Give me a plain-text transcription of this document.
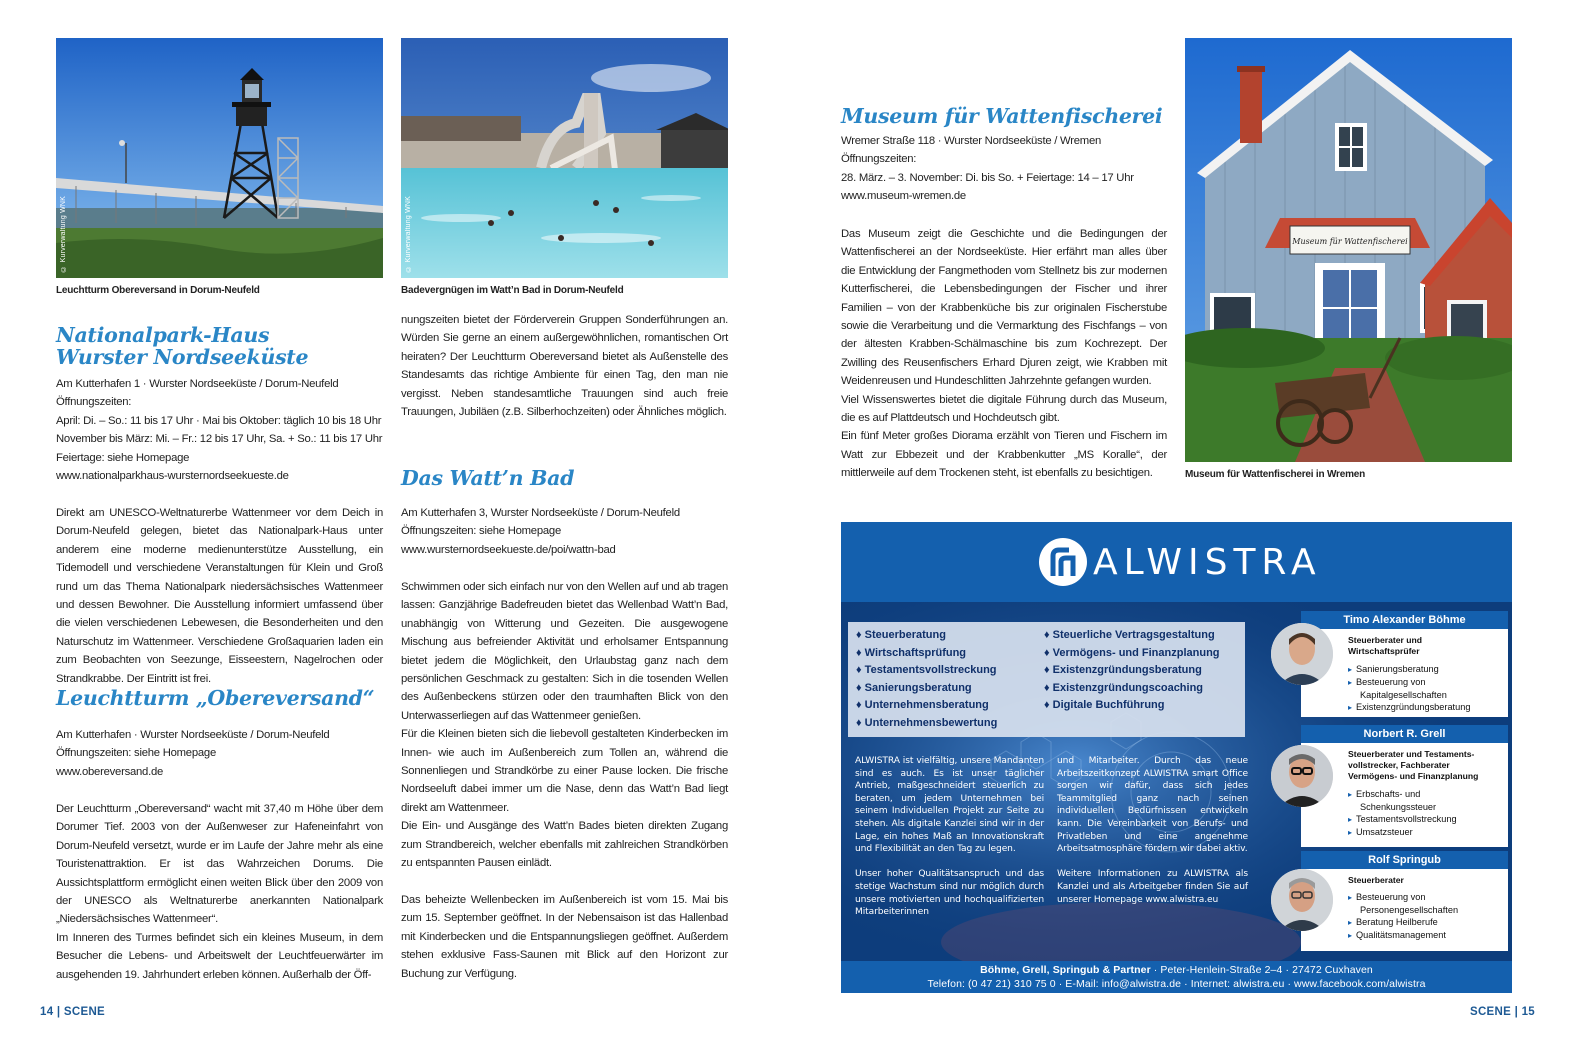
© Kurverwaltung WNK
Leuchtturm Obereversand in Dorum-Neufeld
© Kurverwaltung WNK
Badevergnügen im Watt’n Bad in Dorum-Neufeld
Nationalpark-Haus
Wurster Nordseeküste
Am Kutterhafen 1 · Wurster Nordseeküste / Dorum-Neufeld
Öffnungszeiten:
April: Di. – So.: 11 bis 17 Uhr · Mai bis Oktober: täglich 10 bis 18 Uhr
November bis März: Mi. – Fr.: 12 bis 17 Uhr, Sa. + So.: 11 bis 17 Uhr
Feiertage: siehe Homepage
www.nationalparkhaus-wursternordseekueste.de

Direkt am UNESCO-Weltnaturerbe Wattenmeer vor dem Deich in Dorum-Neufeld gelegen, bietet das Nationalpark-Haus unter anderem eine moderne medienunterstütze Ausstellung, ein Tidemodell und verschiedene Veranstaltungen für Klein und Groß rund um das Thema Nationalpark niedersächsisches Wattenmeer und dessen Bewohner. Die Ausstellung informiert umfassend über die vielen verschiedenen Lebewesen, die Besonderheiten und den Naturschutz im Wattenmeer. Verschiedene Großaquarien laden ein zum Beobachten von Seezunge, Eisseestern, Nagelrochen oder Strandkrabbe. Der Eintritt ist frei.

Leuchtturm „Obereversand“
Am Kutterhafen · Wurster Nordseeküste / Dorum-Neufeld
Öffnungszeiten: siehe Homepage
www.obereversand.de

Der Leuchtturm „Obereversand“ wacht mit 37,40 m Höhe über dem Dorumer Tief. 2003 von der Außenweser zur Hafeneinfahrt von Dorum-Neufeld versetzt, wurde er im Laufe der Jahre mehr als eine Touristenattraktion. Er ist das Wahrzeichen Dorums. Die Aussichtsplattform ermöglicht einen weiten Blick über den 2009 von der UNESCO als Weltnaturerbe anerkannten Nationalpark „Niedersächsisches Wattenmeer“.

Im Inneren des Turmes befindet sich ein kleines Museum, in dem Besucher die Lebens- und Arbeitswelt der Leuchtfeuerwärter im ausgehenden 19. Jahrhundert erleben können. Außerhalb der Öff-

nungszeiten bietet der Förderverein Gruppen Sonderführungen an. Würden Sie gerne an einem außergewöhnlichen, romantischen Ort heiraten? Der Leuchtturm Obereversand bietet als Außenstelle des Standesamts das richtige Ambiente für einen Tag, den man nie vergisst. Neben standesamtliche Trauungen sind auch freie Trauungen, Jubiläen (z.B. Silberhochzeiten) oder Ähnliches möglich.

Das Watt’n Bad
Am Kutterhafen 3, Wurster Nordseeküste / Dorum-Neufeld
Öffnungszeiten: siehe Homepage
www.wursternordseekueste.de/poi/wattn-bad

Schwimmen oder sich einfach nur von den Wellen auf und ab tragen lassen: Ganzjährige Badefreuden bietet das Wellenbad Watt’n Bad, unabhängig von Witterung und Gezeiten. Die ausgewogene Mischung aus befreiender Aktivität und erholsamer Entspannung bietet jedem die Möglichkeit, den Urlaubstag ganz nach dem persönlichen Geschmack zu gestalten: Sich in die tosenden Wellen des Außenbeckens stürzen oder den traumhaften Blick von den Unterwasserliegen auf das Wattenmeer genießen.

Für die Kleinen bieten sich die liebevoll gestalteten Kinderbecken im Innen- wie auch im Außenbereich zum Tollen an, während die Sonnenliegen und Strandkörbe zu einer Pause locken. Die frische Nordseeluft dabei immer um die Nase, denn das Watt’n Bad liegt direkt am Wattenmeer.

Die Ein- und Ausgänge des Watt’n Bades bieten direkten Zugang zum Strandbereich, welcher ebenfalls mit zahlreichen Strandkörben zu entspannten Pausen einlädt.

Das beheizte Wellenbecken im Außenbereich ist vom 15. Mai bis zum 15. September geöffnet. In der Nebensaison ist das Hallenbad mit Kinderbecken und die Entspannungsliegen geöffnet. Außerdem stehen exklusive Fass-Saunen mit Blick auf den Horizont zur Buchung zur Verfügung.

Museum für Wattenfischerei
Wremer Straße 118 · Wurster Nordseeküste / Wremen
Öffnungszeiten:
28. März. – 3. November: Di. bis So. + Feiertage: 14 – 17 Uhr
www.museum-wremen.de

Das Museum zeigt die Geschichte und die Bedingungen der Wattenfischerei an der Nordseeküste. Hier erfährt man alles über die Entwicklung der Fangmethoden vom Stellnetz bis zur modernen Kutterfischerei, die Lebensbedingungen der Fischer und ihrer Familien – von der Krabbenküche bis zur originalen Fischerstube sowie die Verarbeitung und die Vermarktung des Fischfangs – von der ältesten Krabben-Schälmaschine bis zum Kochrezept. Der Zwilling des Reusenfischers Erhard Djuren zeigt, wie Krabben mit Weidenreusen und Hundeschlitten Jahrzehnte gefangen wurden.

Viel Wissenswertes bietet die digitale Führung durch das Museum, die es auf Plattdeutsch und Hochdeutsch gibt.

Ein fünf Meter großes Diorama erzählt von Tieren und Fischern im Watt zur Ebbezeit und der Krabbenkutter „MS Koralle“, der mittlerweile auf dem Trockenen steht, ist ebenfalls zu besichtigen.

Museum für Wattenfischerei
Museum für Wattenfischerei in Wremen
ALWISTRA
♦ Steuerberatung
♦ Wirtschaftsprüfung
♦ Testamentsvollstreckung
♦ Sanierungsberatung
♦ Unternehmensberatung
♦ Unternehmensbewertung
♦ Steuerliche Vertragsgestaltung
♦ Vermögens- und Finanzplanung
♦ Existenzgründungsberatung
♦ Existenzgründungscoaching
♦ Digitale Buchführung

ALWISTRA ist vielfältig, unsere Mandanten sind es auch. Es ist unser täglicher Antrieb, maßgeschneidert steuerlich zu beraten, um jedem Unternehmen bei seinem Individuellen Projekt zur Seite zu stehen. Als digitale Kanzlei sind wir in der Lage, ein hohes Maß an Innovationskraft und Flexibilität an den Tag zu legen.

Unser hoher Qualitätsanspruch und das stetige Wachstum sind nur möglich durch unsere motivierten und hochqualifizierten Mitarbeiterinnen

und Mitarbeiter. Durch das neue Arbeitszeitkonzept ALWISTRA smart Office sorgen wir dafür, dass sich jedes Teammitglied ganz nach seinen individuellen Bedürfnissen entwickeln kann. Die Vereinbarkeit von Berufs- und Privatleben und eine angenehme Arbeitsatmosphäre fördern wir dabei aktiv.

Weitere Informationen zu ALWISTRA als Kanzlei und als Arbeitgeber finden Sie auf unserer Homepage www.alwistra.eu

Timo Alexander Böhme
Steuerberater und
Wirtschaftsprüfer
▸ Sanierungsberatung
▸ Besteuerung von
Kapitalgesellschaften
▸ Existenzgründungsberatung
Norbert R. Grell
Steuerberater und Testaments-
vollstrecker, Fachberater
Vermögens- und Finanzplanung
▸ Erbschafts- und
Schenkungssteuer
▸ Testamentsvollstreckung
▸ Umsatzsteuer
Rolf Springub
Steuerberater
▸ Besteuerung von
Personengesellschaften
▸ Beratung Heilberufe
▸ Qualitätsmanagement
Böhme, Grell, Springub & Partner · Peter-Henlein-Straße 2–4 · 27472 Cuxhaven
Telefon: (0 47 21) 310 75 0 · E-Mail: info@alwistra.de · Internet: alwistra.eu · www.facebook.com/alwistra
14 | SCENE	SCENE | 15
